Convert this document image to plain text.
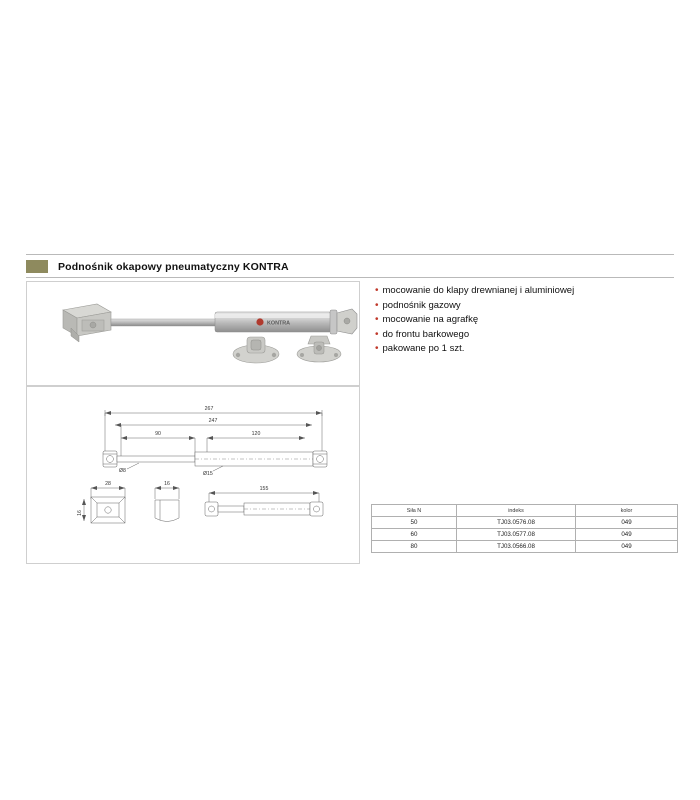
Podnośnik okapowy pneumatyczny KONTRA
KONTRA
267
247
90	120
Ø8	Ø15
155
28
16
16
• mocowanie do klapy drewnianej i aluminiowej
• podnośnik gazowy
• mocowanie na agrafkę
• do frontu barkowego
• pakowane po 1 szt.
Siła N	indeks	kolor
50	TJ03.0576.08	049
60	TJ03.0577.08	049
80	TJ03.0566.08	049
